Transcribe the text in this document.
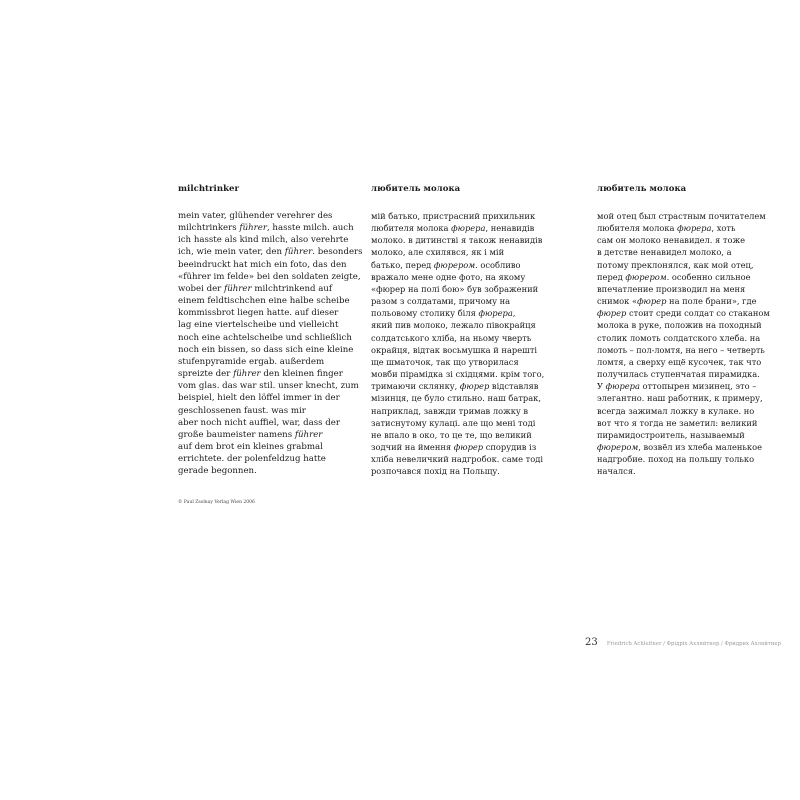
milchtrinker
mein vater, glühender verehrer des
milchtrinkers führer, hasste milch. auch
ich hasste als kind milch, also verehrte
ich, wie mein vater, den führer. besonders
beeindruckt hat mich ein foto, das den
«führer im felde» bei den soldaten zeigte,
wobei der führer milchtrinkend auf
einem feldtischchen eine halbe scheibe
kommissbrot liegen hatte. auf dieser
lag eine viertelscheibe und vielleicht
noch eine achtelscheibe und schließlich
noch ein bissen, so dass sich eine kleine
stufenpyramide ergab. außerdem
spreizte der führer den kleinen finger
vom glas. das war stil. unser knecht, zum
beispiel, hielt den löffel immer in der
geschlossenen faust. was mir
aber noch nicht auffiel, war, dass der
große baumeister namens führer
auf dem brot ein kleines grabmal
errichtete. der polenfeldzug hatte
gerade begonnen.
любитель молока
мій батько, пристрасний прихильник
любителя молока фюрера, ненавидів
молоко. в дитинстві я також ненавидів
молоко, але схилявся, як і мій
батько, перед фюрером. особливо
вражало мене одне фото, на якому
«фюрер на полі бою» був зображений
разом з солдатами, причому на
польовому столику біля фюрера,
який пив молоко, лежало півокрайця
солдатського хліба, на ньому чверть
окрайця, відтак восьмушка й нарешті
ще шматочок, так що утворилася
мовби пірамідка зі східцями. крім того,
тримаючи склянку, фюрер відставляв
мізинця, це було стильно. наш батрак,
наприклад, завжди тримав ложку в
затиснутому кулаці. але що мені тоді
не впало в око, то це те, що великий
зодчий на ймення фюрер спорудив із
хліба невеличкий надгробок. саме тоді
розпочався похід на Польщу.
любитель молока
мой отец был страстным почитателем
любителя молока фюрера, хоть
сам он молоко ненавидел. я тоже
в детстве ненавидел молоко, а
потому преклонялся, как мой отец,
перед фюрером. особенно сильное
впечатление производил на меня
снимок «фюрер на поле брани», где
фюрер стоит среди солдат со стаканом
молока в руке, положив на походный
столик ломоть солдатского хлеба. на
ломоть – пол-ломтя, на него – четверть
ломтя, а сверху ещё кусочек, так что
получилась ступенчатая пирамидка.
У фюрера оттопырен мизинец, это –
элегантно. наш работник, к примеру,
всегда зажимал ложку в кулаке. но
вот что я тогда не заметил: великий
пирамидостроитель, называемый
фюрером, возвёл из хлеба маленькое
надгробие. поход на польшу только
начался.
© Paul Zsolnay Verlag Wien 2006
23 Friedrich Achleitner / Фрідріх Ахляйтнер / Фридрих Ахляйтнер
